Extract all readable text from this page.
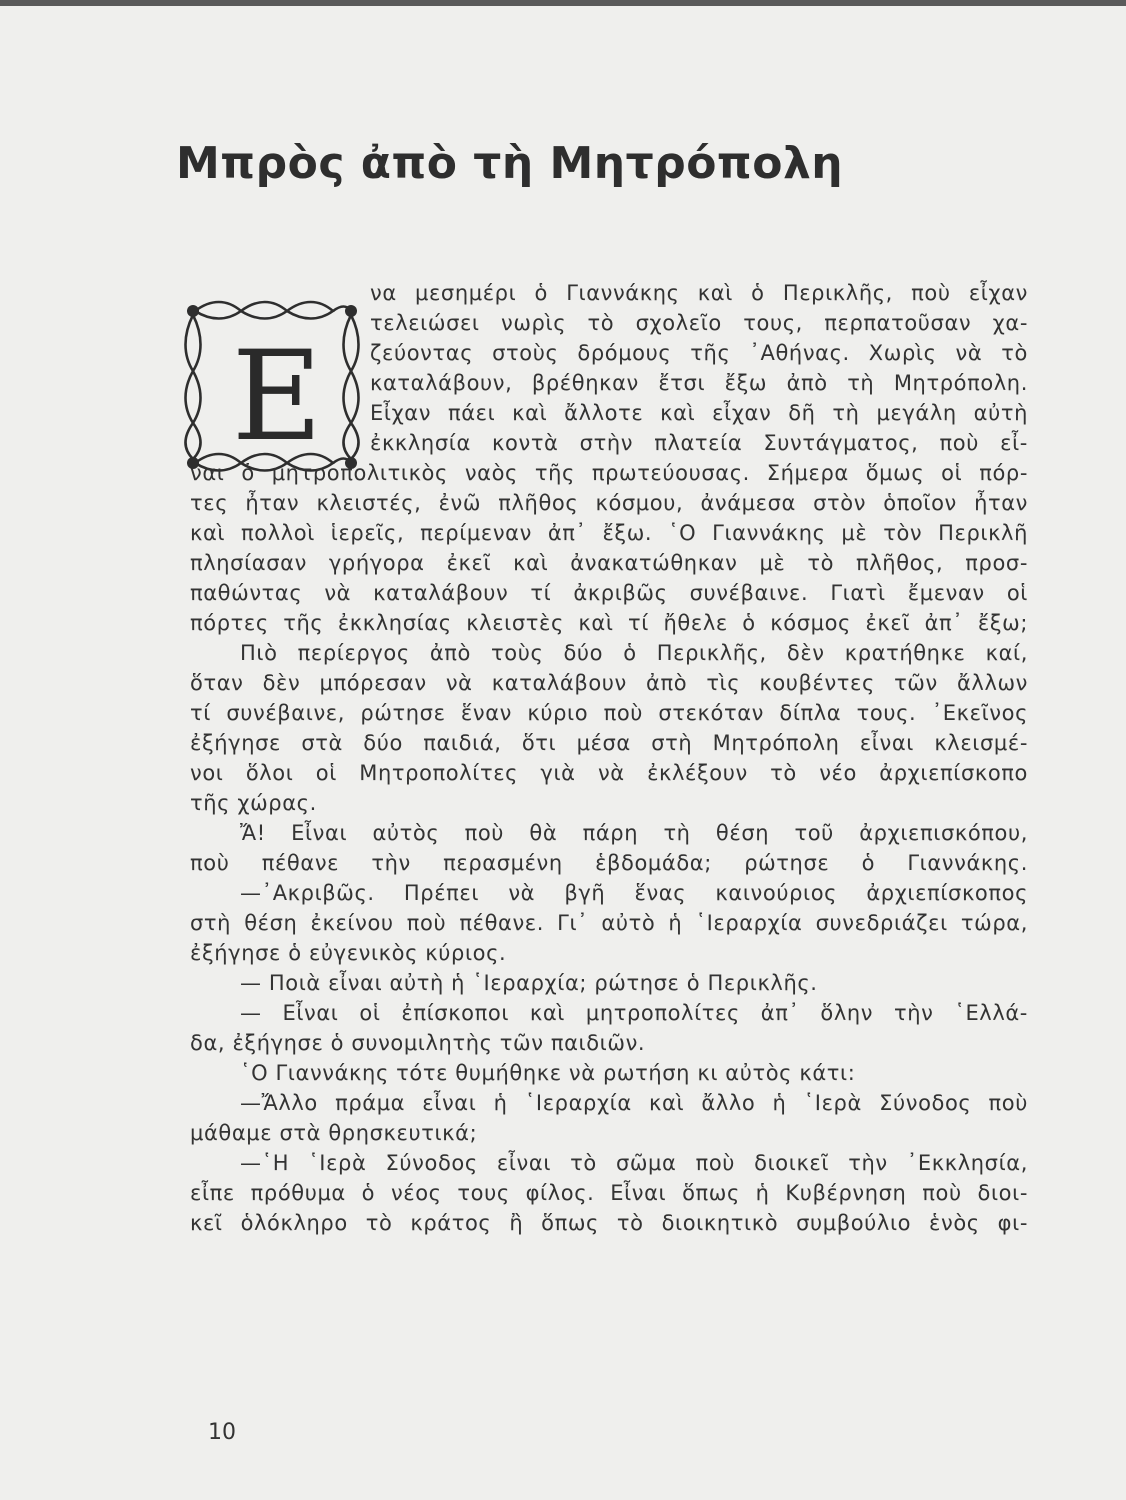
Μπρὸς ἀπὸ τὴ Μητρόπολη
Ε

να μεσημέρι ὁ Γιαννάκης καὶ ὁ Περικλῆς, ποὺ εἶχαν

τελειώσει νωρὶς τὸ σχολεῖο τους, περπατοῦσαν χα-

ζεύοντας στοὺς δρόμους τῆς ᾿Αθήνας. Χωρὶς νὰ τὸ

καταλάβουν, βρέθηκαν ἔτσι ἔξω ἀπὸ τὴ Μητρόπολη.

Εἶχαν πάει καὶ ἄλλοτε καὶ εἶχαν δῆ τὴ μεγάλη αὐτὴ

ἐκκλησία κοντὰ στὴν πλατεία Συντάγματος, ποὺ εἶ-

ναι ὁ μητροπολιτικὸς ναὸς τῆς πρωτεύουσας. Σήμερα ὅμως οἱ πόρ-

τες ἦταν κλειστές, ἐνῶ πλῆθος κόσμου, ἀνάμεσα στὸν ὁποῖον ἦταν

καὶ πολλοὶ ἱερεῖς, περίμεναν ἀπ᾿ ἔξω. ῾Ο Γιαννάκης μὲ τὸν Περικλῆ

πλησίασαν γρήγορα ἐκεῖ καὶ ἀνακατώθηκαν μὲ τὸ πλῆθος, προσ-

παθώντας νὰ καταλάβουν τί ἀκριβῶς συνέβαινε. Γιατὶ ἔμεναν οἱ

πόρτες τῆς ἐκκλησίας κλειστὲς καὶ τί ἤθελε ὁ κόσμος ἐκεῖ ἀπ᾿ ἔξω;

Πιὸ περίεργος ἀπὸ τοὺς δύο ὁ Περικλῆς, δὲν κρατήθηκε καί,

ὅταν δὲν μπόρεσαν νὰ καταλάβουν ἀπὸ τὶς κουβέντες τῶν ἄλλων

τί συνέβαινε, ρώτησε ἕναν κύριο ποὺ στεκόταν δίπλα τους. ᾿Εκεῖνος

ἐξήγησε στὰ δύο παιδιά, ὅτι μέσα στὴ Μητρόπολη εἶναι κλεισμέ-

νοι ὅλοι οἱ Μητροπολίτες γιὰ νὰ ἐκλέξουν τὸ νέο ἀρχιεπίσκοπο

τῆς χώρας.

Ἄ! Εἶναι αὐτὸς ποὺ θὰ πάρη τὴ θέση τοῦ ἀρχιεπισκόπου,

ποὺ πέθανε τὴν περασμένη ἑβδομάδα; ρώτησε ὁ Γιαννάκης.

—᾿Ακριβῶς. Πρέπει νὰ βγῆ ἕνας καινούριος ἀρχιεπίσκοπος

στὴ θέση ἐκείνου ποὺ πέθανε. Γι᾿ αὐτὸ ἡ ῾Ιεραρχία συνεδριάζει τώρα,

ἐξήγησε ὁ εὐγενικὸς κύριος.

— Ποιὰ εἶναι αὐτὴ ἡ ῾Ιεραρχία; ρώτησε ὁ Περικλῆς.

— Εἶναι οἱ ἐπίσκοποι καὶ μητροπολίτες ἀπ᾿ ὅλην τὴν ῾Ελλά-

δα, ἐξήγησε ὁ συνομιλητὴς τῶν παιδιῶν.

῾Ο Γιαννάκης τότε θυμήθηκε νὰ ρωτήση κι αὐτὸς κάτι:

—Ἄλλο πράμα εἶναι ἡ ῾Ιεραρχία καὶ ἄλλο ἡ ῾Ιερὰ Σύνοδος ποὺ

μάθαμε στὰ θρησκευτικά;

—῾Η ῾Ιερὰ Σύνοδος εἶναι τὸ σῶμα ποὺ διοικεῖ τὴν ᾿Εκκλησία,

εἶπε πρόθυμα ὁ νέος τους φίλος. Εἶναι ὅπως ἡ Κυβέρνηση ποὺ διοι-

κεῖ ὁλόκληρο τὸ κράτος ἢ ὅπως τὸ διοικητικὸ συμβούλιο ἑνὸς φι-

10
